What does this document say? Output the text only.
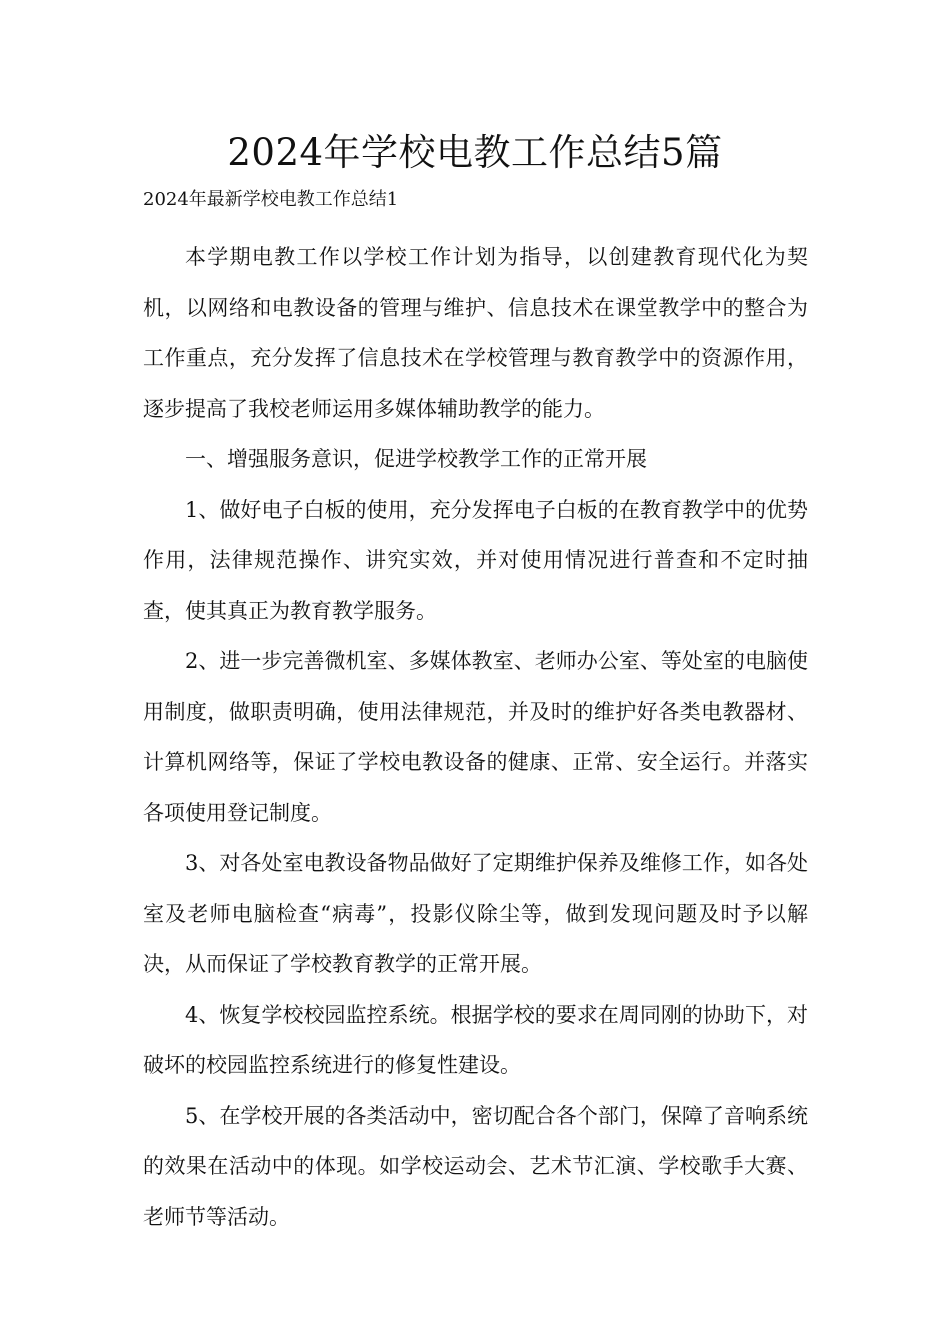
2024年学校电教工作总结5篇

2024年最新学校电教工作总结1

本学期电教工作以学校工作计划为指导，以创建教育现代化为契机，以网络和电教设备的管理与维护、信息技术在课堂教学中的整合为工作重点，充分发挥了信息技术在学校管理与教育教学中的资源作用，逐步提高了我校老师运用多媒体辅助教学的能力。

一、增强服务意识，促进学校教学工作的正常开展

1、做好电子白板的使用，充分发挥电子白板的在教育教学中的优势作用，法律规范操作、讲究实效，并对使用情况进行普查和不定时抽查，使其真正为教育教学服务。

2、进一步完善微机室、多媒体教室、老师办公室、等处室的电脑使用制度，做职责明确，使用法律规范，并及时的维护好各类电教器材、计算机网络等，保证了学校电教设备的健康、正常、安全运行。并落实各项使用登记制度。

3、对各处室电教设备物品做好了定期维护保养及维修工作，如各处室及老师电脑检查“病毒”，投影仪除尘等，做到发现问题及时予以解决，从而保证了学校教育教学的正常开展。

4、恢复学校校园监控系统。根据学校的要求在周同刚的协助下，对破坏的校园监控系统进行的修复性建设。

5、在学校开展的各类活动中，密切配合各个部门，保障了音响系统的效果在活动中的体现。如学校运动会、艺术节汇演、学校歌手大赛、老师节等活动。
